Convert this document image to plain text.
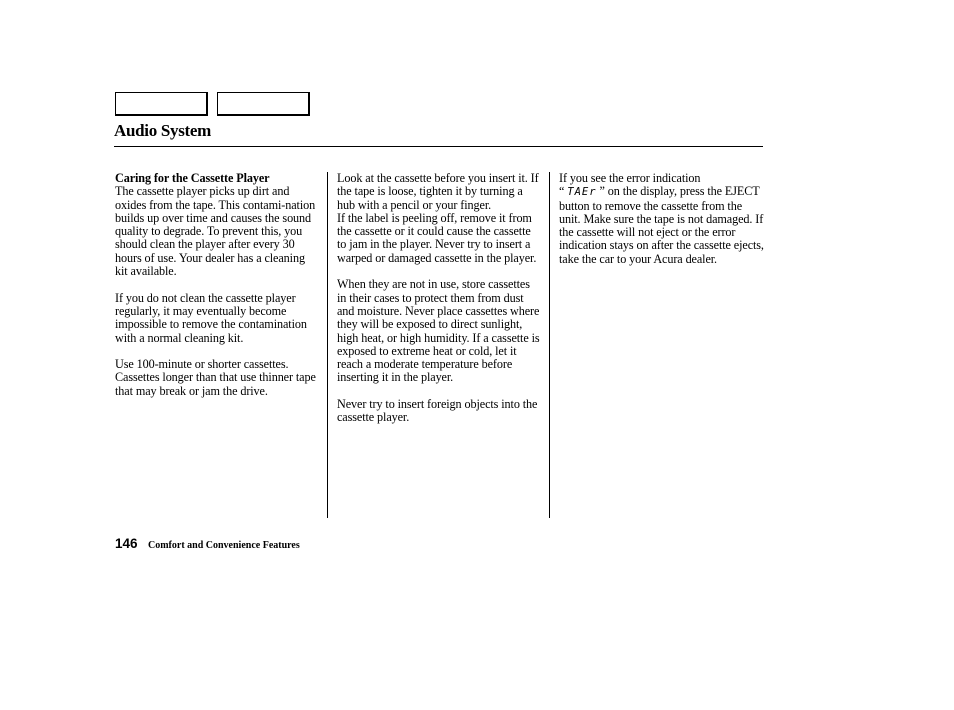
Audio System

Caring for the Cassette Player
The cassette player picks up dirt and oxides from the tape. This contami-nation builds up over time and causes the sound quality to degrade. To prevent this, you should clean the player after every 30 hours of use. Your dealer has a cleaning kit available.

If you do not clean the cassette player regularly, it may eventually become impossible to remove the contamination with a normal cleaning kit.

Use 100-minute or shorter cassettes. Cassettes longer than that use thinner tape that may break or jam the drive.

Look at the cassette before you insert it. If the tape is loose, tighten it by turning a hub with a pencil or your finger.

If the label is peeling off, remove it from the cassette or it could cause the cassette to jam in the player. Never try to insert a warped or damaged cassette in the player.

When they are not in use, store cassettes in their cases to protect them from dust and moisture. Never place cassettes where they will be exposed to direct sunlight, high heat, or high humidity. If a cassette is exposed to extreme heat or cold, let it reach a moderate temperature before inserting it in the player.

Never try to insert foreign objects into the cassette player.

If you see the error indication
“ TAEr ” on the display, press the EJECT button to remove the cassette from the unit. Make sure the tape is not damaged. If the cassette will not eject or the error indication stays on after the cassette ejects, take the car to your Acura dealer.

146 Comfort and Convenience Features
